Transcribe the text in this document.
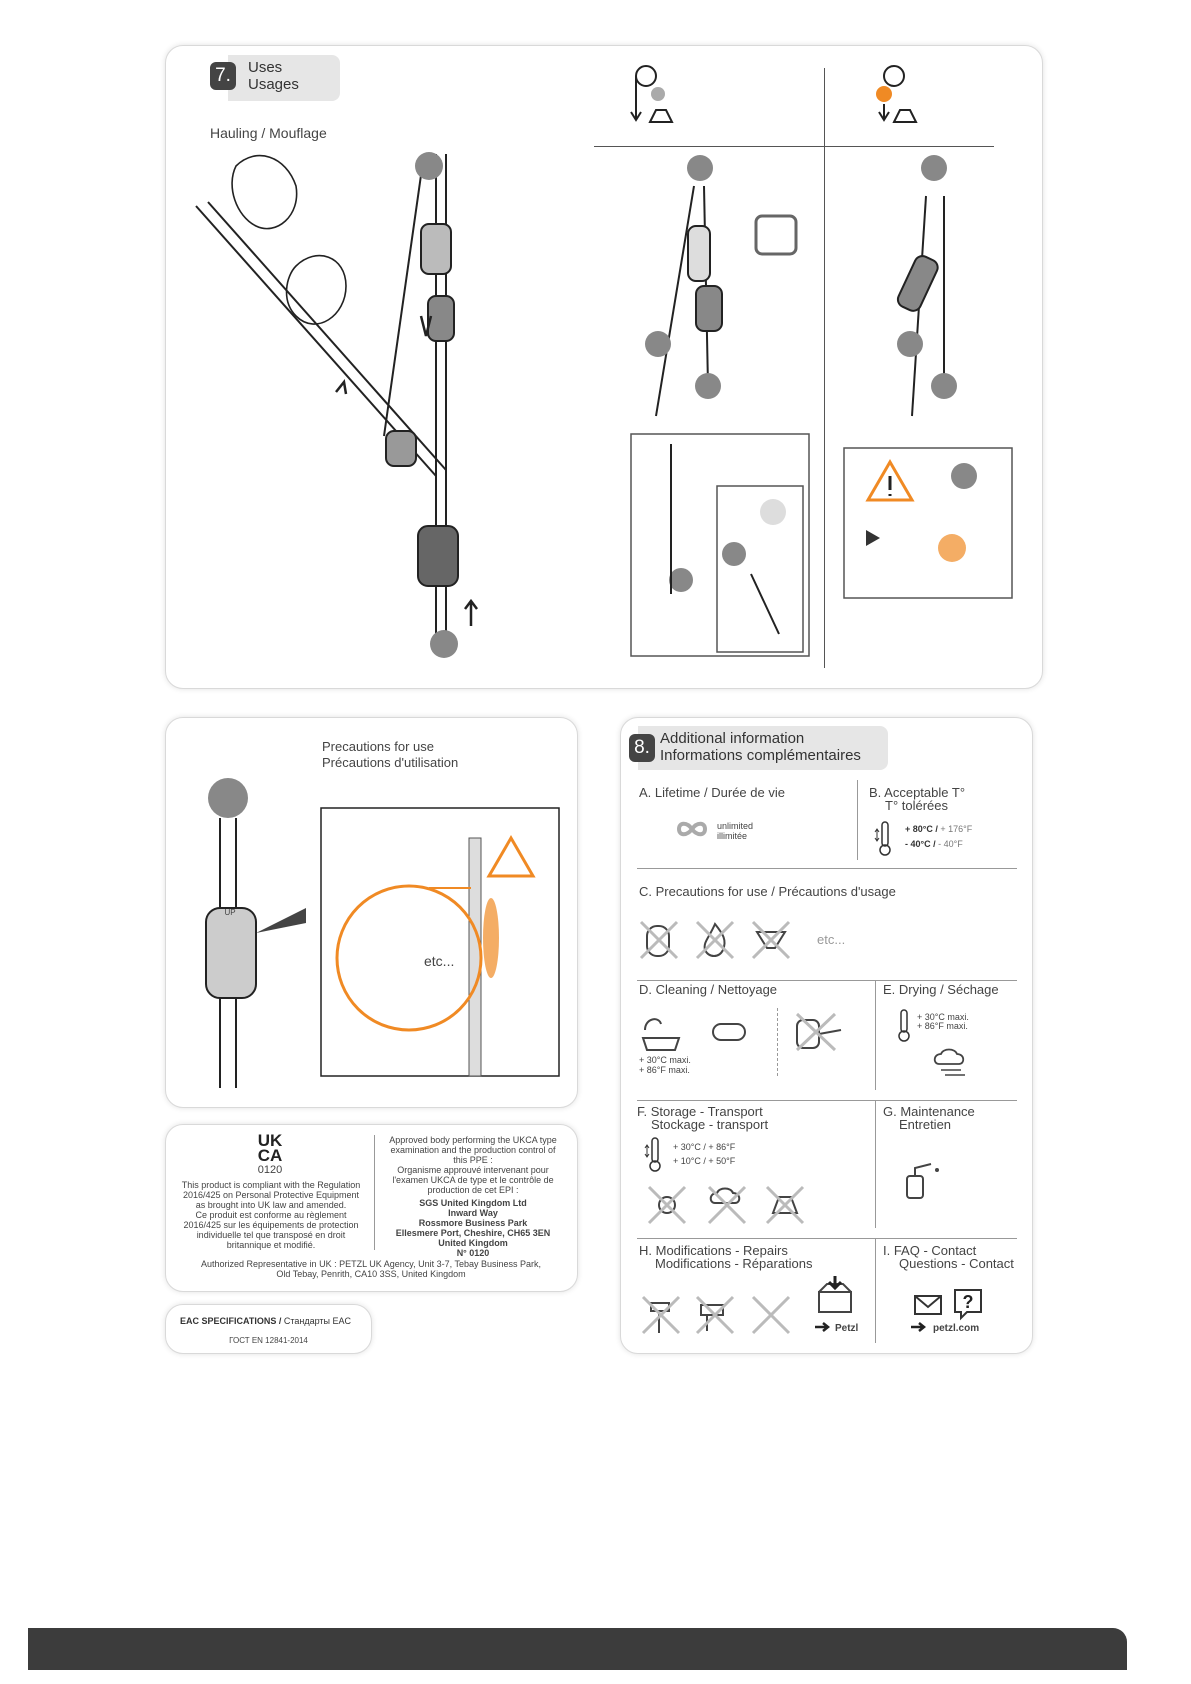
Uses
Usages
7.
Hauling / Mouflage
Precautions for use
Précautions d'utilisation
UP
etc...
UK
CA
0120
This product is compliant with the Regulation
2016/425 on Personal Protective Equipment
as brought into UK law and amended.
Ce produit est conforme au règlement
2016/425 sur les équipements de protection
individuelle tel que transposé en droit
britannique et modifié.
Approved body performing the UKCA type
examination and the production control of
this PPE :
Organisme approuvé intervenant pour
l'examen UKCA de type et le contrôle de
production de cet EPI :
SGS United Kingdom Ltd
Inward Way
Rossmore Business Park
Ellesmere Port, Cheshire, CH65 3EN
United Kingdom
N° 0120
Authorized Representative in UK : PETZL UK Agency, Unit 3-7, Tebay Business Park,
Old Tebay, Penrith, CA10 3SS, United Kingdom
EAC SPECIFICATIONS / Стандарты EAC
ГОСТ EN 12841-2014
Additional information
Informations complémentaires
8.
A. Lifetime / Durée de vie
unlimited
illimitée
B. Acceptable T°
T° tolérées
+ 80°C / + 176°F
- 40°C / - 40°F
C. Precautions for use / Précautions d'usage
etc...
D. Cleaning / Nettoyage
+ 30°C maxi.
+ 86°F maxi.
E. Drying / Séchage
+ 30°C maxi.
+ 86°F maxi.
F. Storage - Transport
Stockage - transport
+ 30°C / + 86°F
+ 10°C / + 50°F
G. Maintenance
Entretien
H. Modifications - Repairs
Modifications - Réparations
Petzl
I. FAQ - Contact
Questions - Contact
?
petzl.com
